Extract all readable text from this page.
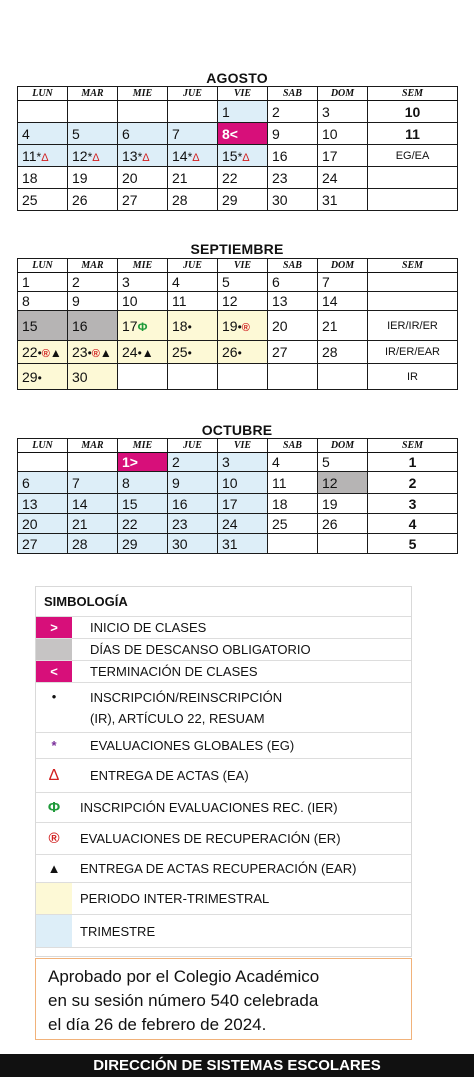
AGOSTO
LUN	MAR	MIE	JUE	VIE	SAB	DOM	SEM
				1	2	3	10
4	5	6	7	8<	9	10	11
11*Δ	12*Δ	13*Δ	14*Δ	15*Δ	16	17	EG/EA
18	19	20	21	22	23	24	
25	26	27	28	29	30	31	
SEPTIEMBRE
LUN	MAR	MIE	JUE	VIE	SAB	DOM	SEM
1	2	3	4	5	6	7	
8	9	10	11	12	13	14	
15	16	17Φ	18•	19•®	20	21	IER/IR/ER
22•®▲	23•®▲	24•▲	25•	26•	27	28	IR/ER/EAR
29•	30						IR
OCTUBRE
LUN	MAR	MIE	JUE	VIE	SAB	DOM	SEM
		1>	2	3	4	5	1
6	7	8	9	10	11	12	2
13	14	15	16	17	18	19	3
20	21	22	23	24	25	26	4
27	28	29	30	31			5
SIMBOLOGÍA
>	INICIO DE CLASES
DÍAS DE DESCANSO OBLIGATORIO
<	TERMINACIÓN DE CLASES
•	INSCRIPCIÓN/REINSCRIPCIÓN
(IR), ARTÍCULO 22, RESUAM
*	EVALUACIONES GLOBALES (EG)
Δ	ENTREGA DE ACTAS (EA)
Φ	INSCRIPCIÓN EVALUACIONES REC. (IER)
®	EVALUACIONES DE RECUPERACIÓN (ER)
▲	ENTREGA DE ACTAS RECUPERACIÓN (EAR)
PERIODO INTER-TRIMESTRAL
TRIMESTRE
Aprobado por el Colegio Académico
en su sesión número 540 celebrada
el día 26 de febrero de 2024.
DIRECCIÓN DE SISTEMAS ESCOLARES
